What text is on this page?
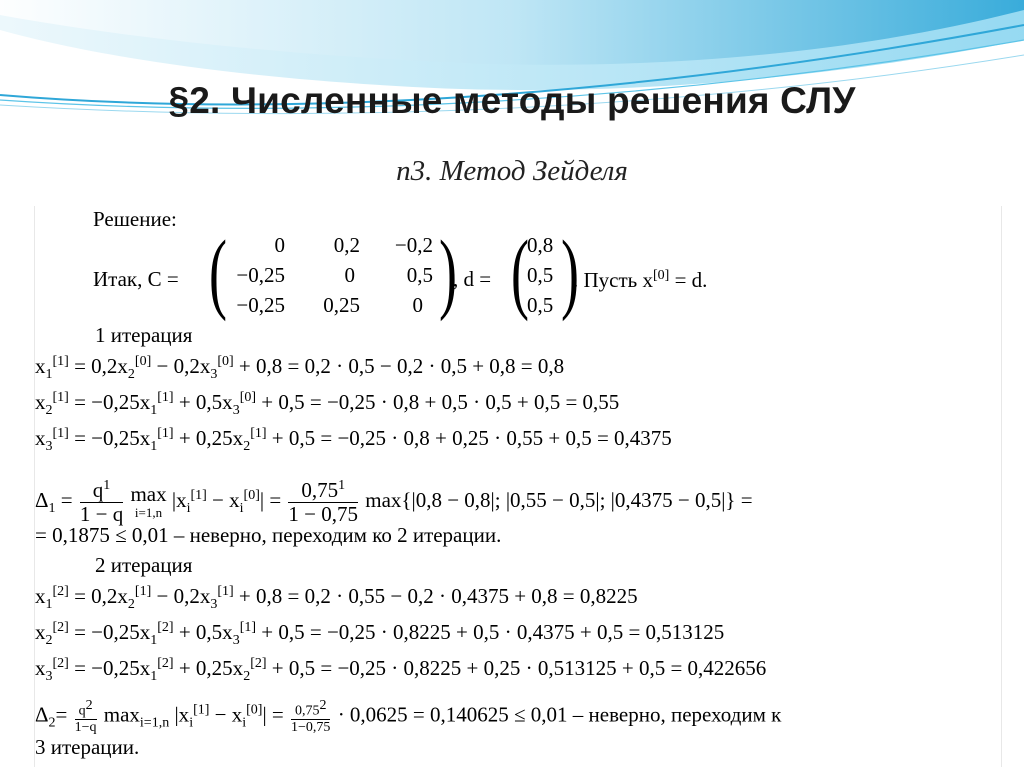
§2. Численные методы решения СЛУ
п3. Метод Зейделя
Решение:
Итак, C = ( 0 0,2 −0,2
−0,25	0 0,5
−0,25 0,25	0 )
, d = (
0,8
0,5
0,5 )
. Пусть x[0] = d.
1 итерация
$x_1[1] = 0,2x_2[0] - 0,2x_3[0] + 0,8 = 0,2 \cdot 0,5 - 0,2 \cdot 0,5 + 0,8 = 0,8$
$x_2[1] = -0,25x_1[1] + 0,5x_3[0] + 0,5 = -0,25 \cdot 0,8 + 0,5 \cdot 0,5 + 0,5 = 0,55$
$x_3[1] = -0,25x_1[1] + 0,25x_2[1] + 0,5 = -0,25 \cdot 0,8 + 0,25 \cdot 0,55 + 0,5 = 0,4375$
$\Delta_1 = \frac{q^1}{1 - q}$
max
i=1,n
$|x_i[1] - x_i[0]| = \frac{0,75^1}{1 - 0,75} \max\{|0,8 - 0,8|$; |0,55 − 0,5|; |0,4375 − 0,5|} =
= 0,1875 ≤ 0,01 – неверно, переходим ко 2 итерации.
2 итерация
$x_1[2] = 0,2x_2[1] - 0,2x_3[1] + 0,8 = 0,2 \cdot 0,55 - 0,2 \cdot 0,4375 + 0,8 = 0,8225$
$x_2[2] = -0,25x_1[2] + 0,5x_3[1] + 0,5 = -0,25 \cdot 0,8225 + 0,5 \cdot 0,4375 + 0,5 = 0,513125$
$x_3[2] = -0,25x_1[2] + 0,25x_2[2] + 0,5 = -0,25 \cdot 0,8225 + 0,25 \cdot 0,513125 + 0,5 = 0,422656$
$\Delta_2= \frac{q^2}{1-q} \max_{i=1,n} |x_i[1] - x_i[0]| = \frac{0,75^2}{1-0,75} \cdot 0,0625 = 0,140625 \le 0,01$ – неверно, переходим к
3 итерации.
